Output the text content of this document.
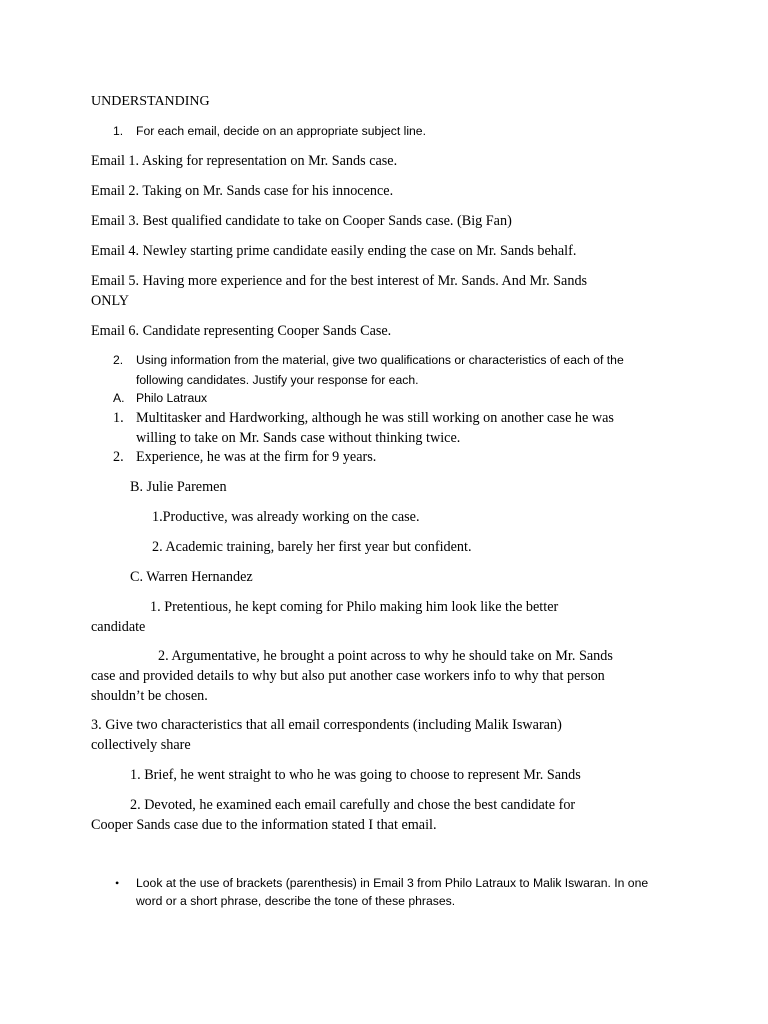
UNDERSTANDING

1. For each email, decide on an appropriate subject line.

Email 1. Asking for representation on Mr. Sands case.

Email 2. Taking on Mr. Sands case for his innocence.

Email 3. Best qualified candidate to take on Cooper Sands case. (Big Fan)

Email 4. Newley starting prime candidate easily ending the case on Mr. Sands behalf.

Email 5. Having more experience and for the best interest of Mr. Sands. And Mr. Sands

ONLY

Email 6. Candidate representing Cooper Sands Case.

2. Using information from the material, give two qualifications or characteristics of each of the

following candidates. Justify your response for each.

A. Philo Latraux

1. Multitasker and Hardworking, although he was still working on another case he was

willing to take on Mr. Sands case without thinking twice.

2. Experience, he was at the firm for 9 years.

B. Julie Paremen

1.Productive, was already working on the case.

2. Academic training, barely her first year but confident.

C. Warren Hernandez

1. Pretentious, he kept coming for Philo making him look like the better

candidate

2. Argumentative, he brought a point across to why he should take on Mr. Sands

case and provided details to why but also put another case workers info to why that person

shouldn’t be chosen.

3. Give two characteristics that all email correspondents (including Malik Iswaran)

collectively share

1. Brief, he went straight to who he was going to choose to represent Mr. Sands

2. Devoted, he examined each email carefully and chose the best candidate for

Cooper Sands case due to the information stated I that email.

• Look at the use of brackets (parenthesis) in Email 3 from Philo Latraux to Malik Iswaran. In one

word or a short phrase, describe the tone of these phrases.
